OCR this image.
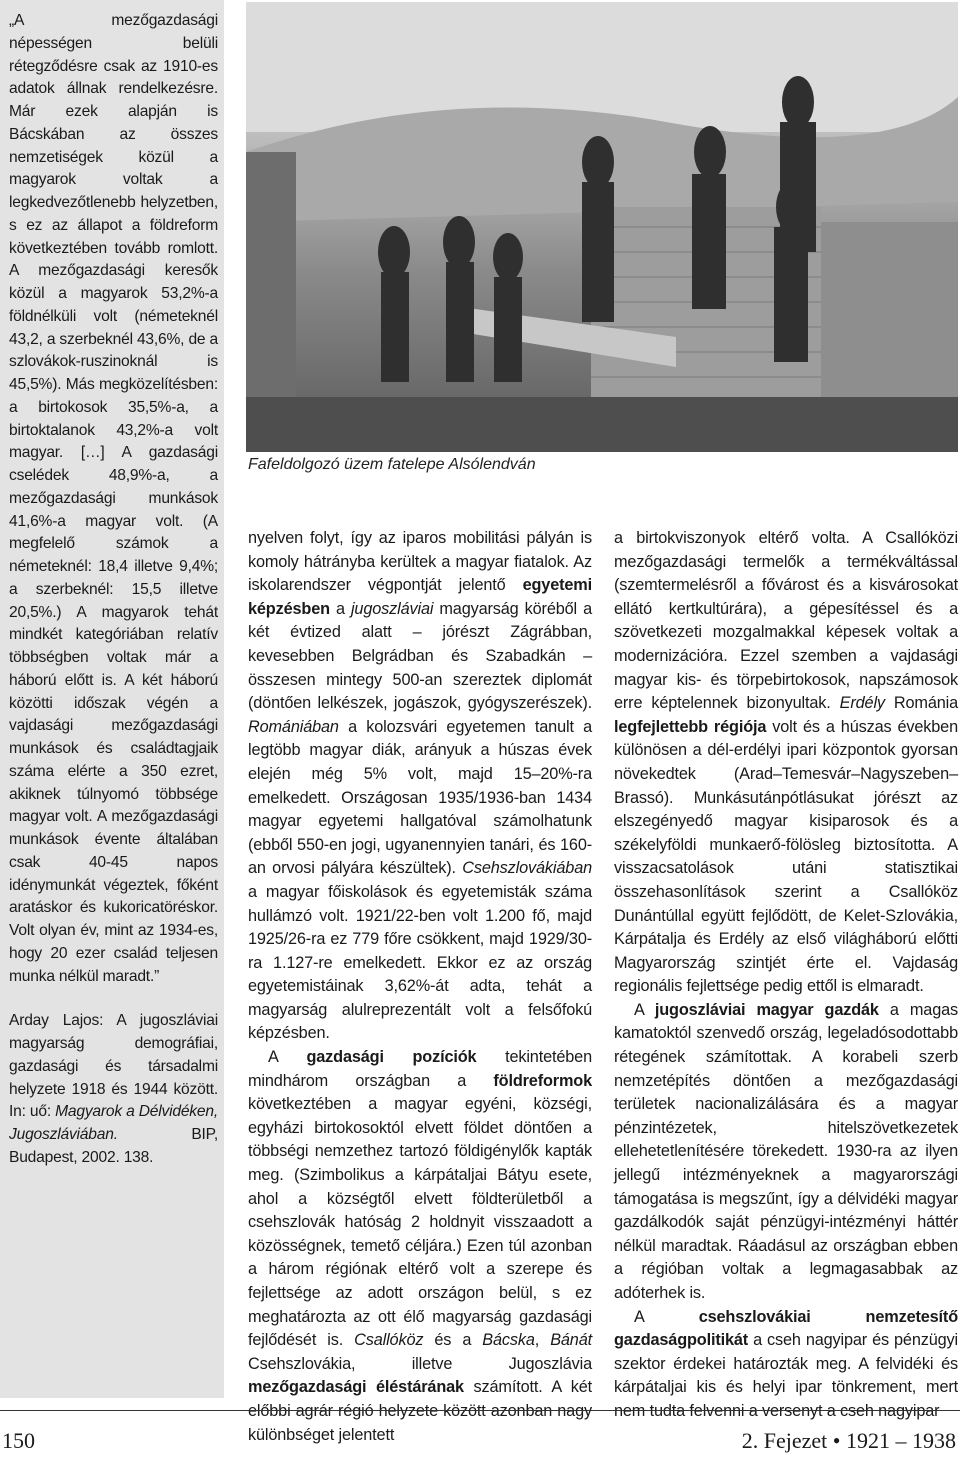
„A mezőgazdasági népességen belüli rétegződésre csak az 1910-es adatok állnak rendelkezésre. Már ezek alapján is Bácskában az összes nemzetiségek közül a magyarok voltak a legkedvezőtlenebb helyzetben, s ez az állapot a földreform következtében tovább romlott. A mezőgazdasági keresők közül a magyarok 53,2%-a földnélküli volt (németeknél 43,2, a szerbeknél 43,6%, de a szlovákok-ruszinoknál is 45,5%). Más megközelítésben: a birtokosok 35,5%-a, a birtoktalanok 43,2%-a volt magyar. […] A gazdasági cselédek 48,9%-a, a mezőgazdasági munkások 41,6%-a magyar volt. (A megfelelő számok a németeknél: 18,4 illetve 9,4%; a szerbeknél: 15,5 illetve 20,5%.) A magyarok tehát mindkét kategóriában relatív többségben voltak már a háború előtt is. A két háború közötti időszak végén a vajdasági mezőgazdasági munkások és családtagjaik száma elérte a 350 ezret, akiknek túlnyomó többsége magyar volt. A mezőgazdasági munkások évente általában csak 40-45 napos idénymunkát végeztek, főként aratáskor és kukoricatöréskor. Volt olyan év, mint az 1934-es, hogy 20 ezer család teljesen munka nélkül maradt.”

Arday Lajos: A jugoszláviai magyarság demográfiai, gazdasági és társadalmi helyzete 1918 és 1944 között. In: uő: Magyarok a Délvidéken, Jugoszláviában. BIP, Budapest, 2002. 138.

Fafeldolgozó üzem fatelepe Alsólendván

nyelven folyt, így az iparos mobilitási pályán is komoly hátrányba kerültek a magyar fiatalok. Az iskolarendszer végpontját jelentő egyetemi képzésben a jugoszláviai magyarság köréből a két évtized alatt – jórészt Zágrábban, kevesebben Belgrádban és Szabadkán – összesen mintegy 500-an szereztek diplomát (döntően lelkészek, jogászok, gyógyszerészek). Romániában a kolozsvári egyetemen tanult a legtöbb magyar diák, arányuk a húszas évek elején még 5% volt, majd 15–20%-ra emelkedett. Országosan 1935/1936-ban 1434 magyar egyetemi hallgatóval számolhatunk (ebből 550-en jogi, ugyanennyien tanári, és 160-an orvosi pályára készültek). Csehszlovákiában a magyar főiskolások és egyetemisták száma hullámzó volt. 1921/22-ben volt 1.200 fő, majd 1925/26-ra ez 779 főre csökkent, majd 1929/30-ra 1.127-re emelkedett. Ekkor ez az ország egyetemistáinak 3,62%-át adta, tehát a magyarság alulreprezentált volt a felsőfokú képzésben.

A gazdasági pozíciók tekintetében mindhárom országban a földreformok következtében a magyar egyéni, községi, egyházi birtokosoktól elvett földet döntően a többségi nemzethez tartozó földigénylők kapták meg. (Szimbolikus a kárpátaljai Bátyu esete, ahol a községtől elvett földterületből a csehszlovák hatóság 2 holdnyit visszaadott a közösségnek, temető céljára.) Ezen túl azonban a három régiónak eltérő volt a szerepe és fejlettsége az adott országon belül, s ez meghatározta az ott élő magyarság gazdasági fejlődését is. Csallóköz és a Bácska, Bánát Csehszlovákia, illetve Jugoszlávia mezőgazdasági éléstárának számított. A két előbbi agrár régió helyzete között azonban nagy különbséget jelentett

a birtokviszonyok eltérő volta. A Csallóközi mezőgazdasági termelők a termékváltással (szemtermelésről a fővárost és a kisvárosokat ellátó kertkultúrára), a gépesítéssel és a szövetkezeti mozgalmakkal képesek voltak a modernizációra. Ezzel szemben a vajdasági magyar kis- és törpebirtokosok, napszámosok erre képtelennek bizonyultak. Erdély Románia legfejlettebb régiója volt és a húszas években különösen a dél-erdélyi ipari központok gyorsan növekedtek (Arad–Temesvár–Nagyszeben–Brassó). Munkásutánpótlásukat jórészt az elszegényedő magyar kisiparosok és a székelyföldi munkaerő-fölösleg biztosította. A visszacsatolások utáni statisztikai összehasonlítások szerint a Csallóköz Dunántúllal együtt fejlődött, de Kelet-Szlovákia, Kárpátalja és Erdély az első világháború előtti Magyarország szintjét érte el. Vajdaság regionális fejlettsége pedig ettől is elmaradt.

A jugoszláviai magyar gazdák a magas kamatoktól szenvedő ország, legeladósodottabb rétegének számítottak. A korabeli szerb nemzetépítés döntően a mezőgazdasági területek nacionalizálására és a magyar pénzintézetek, hitelszövetkezetek ellehetetlenítésére törekedett. 1930-ra az ilyen jellegű intézményeknek a magyarországi támogatása is megszűnt, így a délvidéki magyar gazdálkodók saját pénzügyi-intézményi háttér nélkül maradtak. Ráadásul az országban ebben a régióban voltak a legmagasabbak az adóterhek is.

A csehszlovákiai nemzetesítő gazdaságpolitikát a cseh nagyipar és pénzügyi szektor érdekei határozták meg. A felvidéki és kárpátaljai kis és helyi ipar tönkrement, mert nem tudta felvenni a versenyt a cseh nagyipar

150	2. Fejezet • 1921 – 1938
